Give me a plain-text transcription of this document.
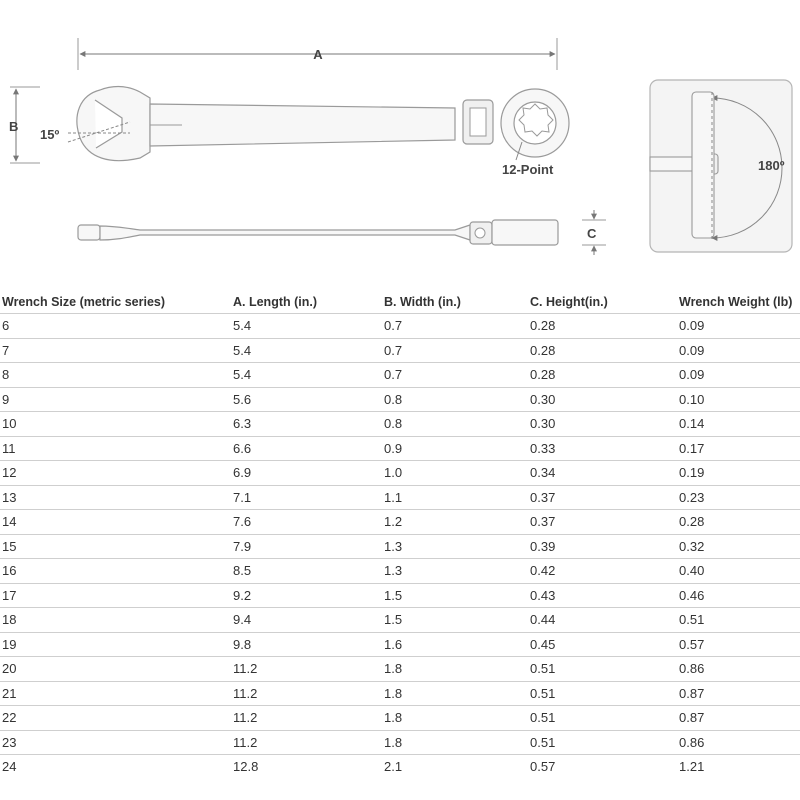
A
B
15º
12-Point
C
180º
Wrench Size (metric series)	A. Length (in.)	B. Width (in.)	C. Height(in.)	Wrench Weight (lb)
6	5.4	0.7	0.28	0.09
7	5.4	0.7	0.28	0.09
8	5.4	0.7	0.28	0.09
9	5.6	0.8	0.30	0.10
10	6.3	0.8	0.30	0.14
11	6.6	0.9	0.33	0.17
12	6.9	1.0	0.34	0.19
13	7.1	1.1	0.37	0.23
14	7.6	1.2	0.37	0.28
15	7.9	1.3	0.39	0.32
16	8.5	1.3	0.42	0.40
17	9.2	1.5	0.43	0.46
18	9.4	1.5	0.44	0.51
19	9.8	1.6	0.45	0.57
20	11.2	1.8	0.51	0.86
21	11.2	1.8	0.51	0.87
22	11.2	1.8	0.51	0.87
23	11.2	1.8	0.51	0.86
24	12.8	2.1	0.57	1.21
